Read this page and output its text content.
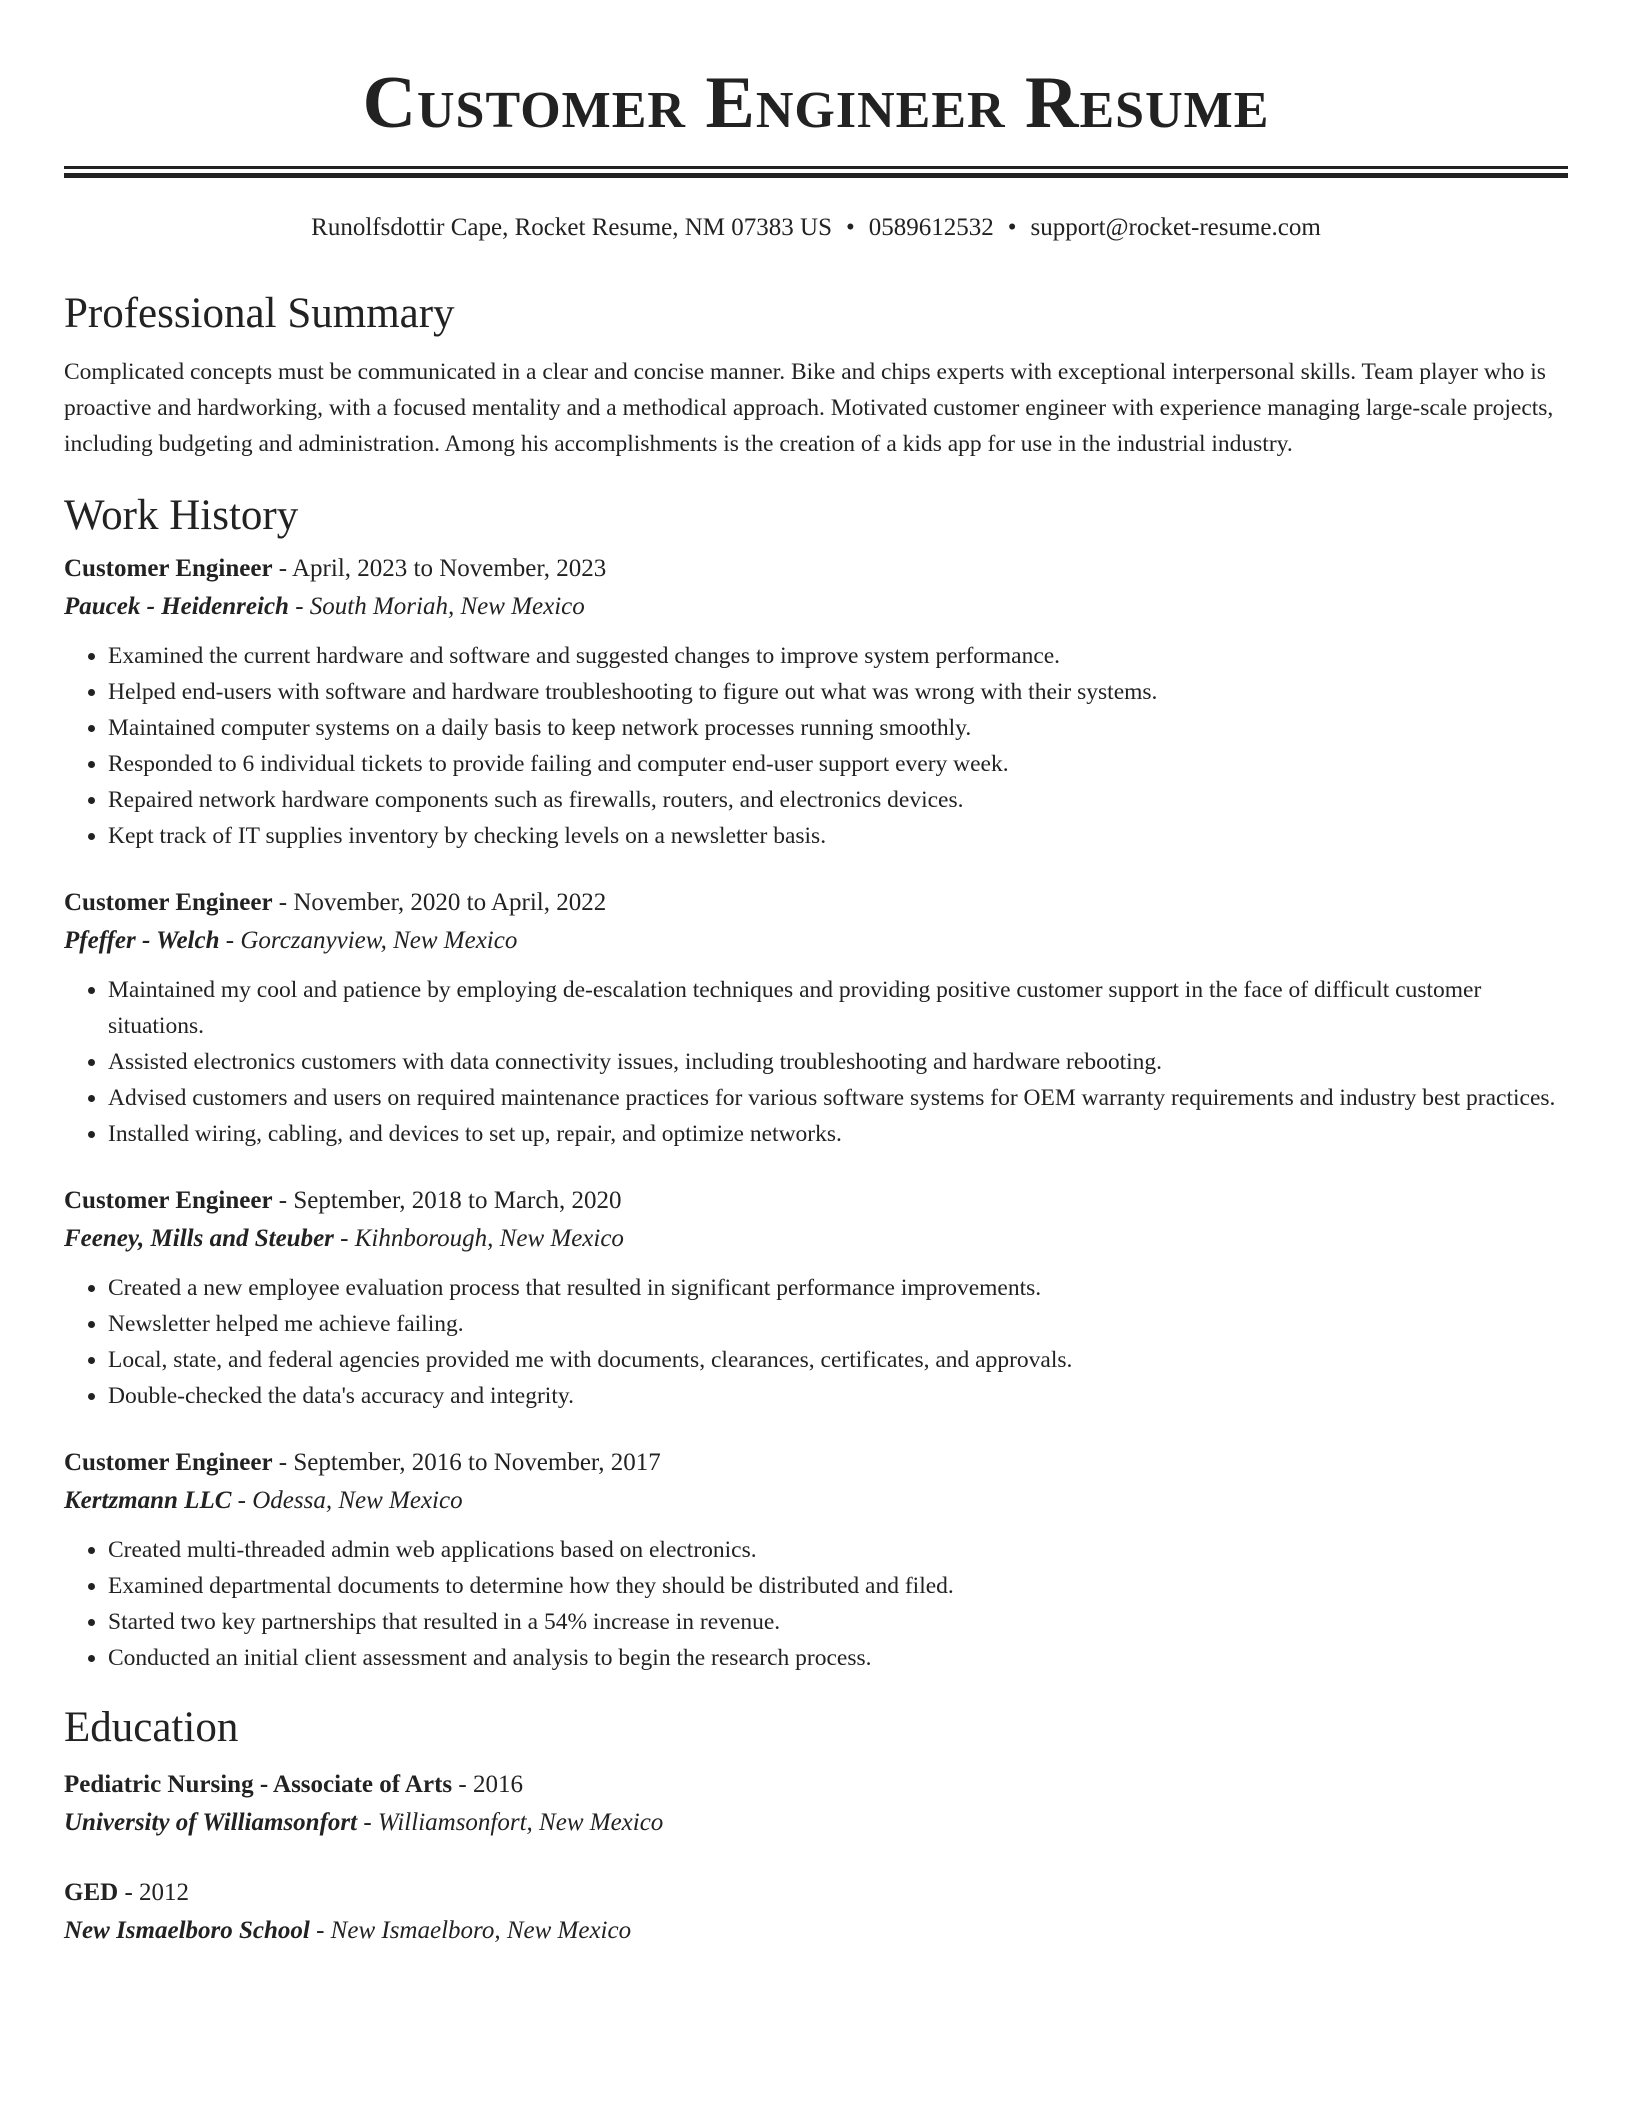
Customer Engineer Resume
Runolfsdottir Cape, Rocket Resume, NM 07383 US • 0589612532 • support@rocket-resume.com
Professional Summary

Complicated concepts must be communicated in a clear and concise manner. Bike and chips experts with exceptional interpersonal skills. Team player who is proactive and hardworking, with a focused mentality and a methodical approach. Motivated customer engineer with experience managing large-scale projects, including budgeting and administration. Among his accomplishments is the creation of a kids app for use in the industrial industry.

Work History
Customer Engineer - April, 2023 to November, 2023
Paucek - Heidenreich - South Moriah, New Mexico
• Examined the current hardware and software and suggested changes to improve system performance.
• Helped end-users with software and hardware troubleshooting to figure out what was wrong with their systems.
• Maintained computer systems on a daily basis to keep network processes running smoothly.
• Responded to 6 individual tickets to provide failing and computer end-user support every week.
• Repaired network hardware components such as firewalls, routers, and electronics devices.
• Kept track of IT supplies inventory by checking levels on a newsletter basis.
Customer Engineer - November, 2020 to April, 2022
Pfeffer - Welch - Gorczanyview, New Mexico
• Maintained my cool and patience by employing de-escalation techniques and providing positive customer support in the face of difficult customer situations.
• Assisted electronics customers with data connectivity issues, including troubleshooting and hardware rebooting.
• Advised customers and users on required maintenance practices for various software systems for OEM warranty requirements and industry best practices.
• Installed wiring, cabling, and devices to set up, repair, and optimize networks.
Customer Engineer - September, 2018 to March, 2020
Feeney, Mills and Steuber - Kihnborough, New Mexico
• Created a new employee evaluation process that resulted in significant performance improvements.
• Newsletter helped me achieve failing.
• Local, state, and federal agencies provided me with documents, clearances, certificates, and approvals.
• Double-checked the data's accuracy and integrity.
Customer Engineer - September, 2016 to November, 2017
Kertzmann LLC - Odessa, New Mexico
• Created multi-threaded admin web applications based on electronics.
• Examined departmental documents to determine how they should be distributed and filed.
• Started two key partnerships that resulted in a 54% increase in revenue.
• Conducted an initial client assessment and analysis to begin the research process.
Education
Pediatric Nursing - Associate of Arts - 2016
University of Williamsonfort - Williamsonfort, New Mexico
GED - 2012
New Ismaelboro School - New Ismaelboro, New Mexico
